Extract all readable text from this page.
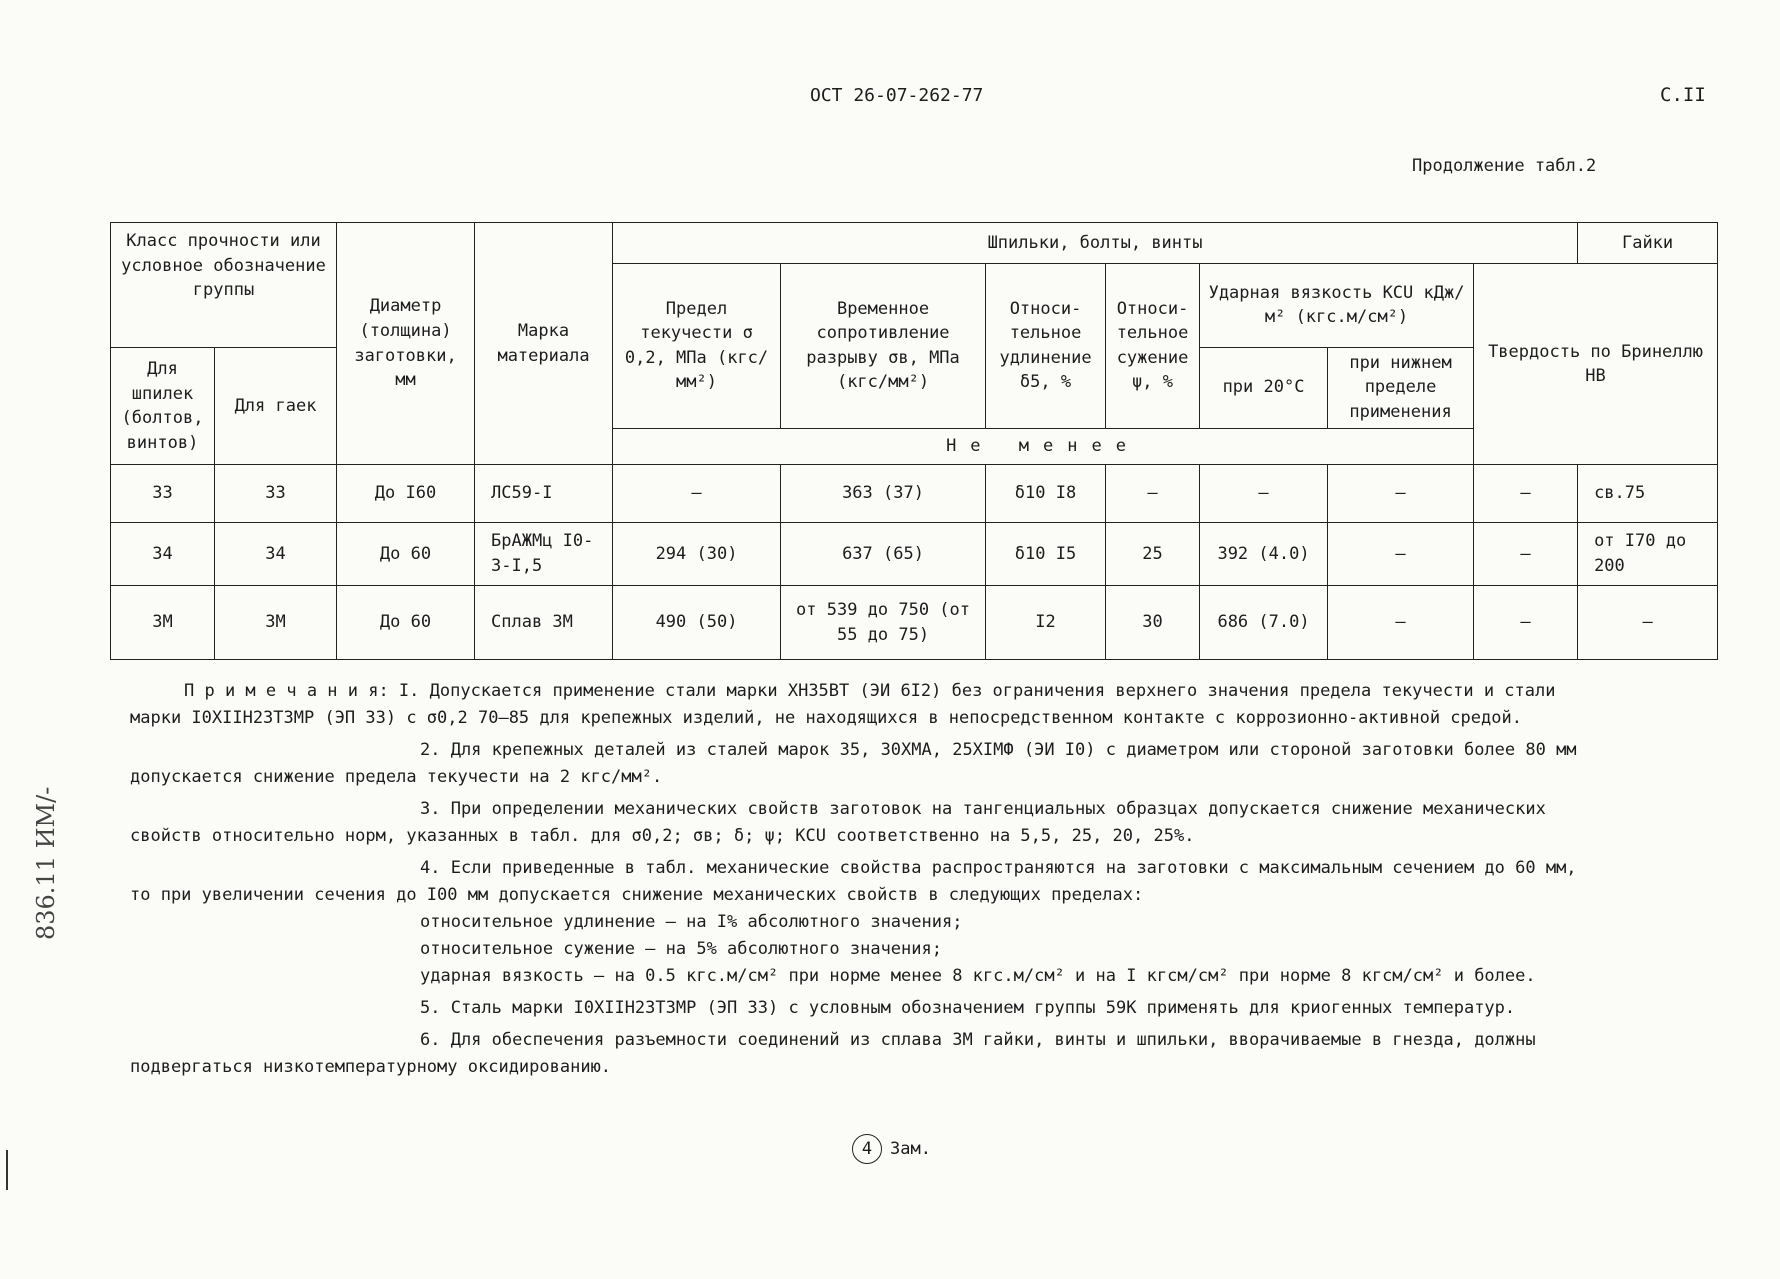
ОСТ 26-07-262-77	С.II
Продолжение табл.2
Класс прочности или условное обозначение группы		Диаметр (толщина) заготовки, мм	Марка материала	Шпильки, болты, винты							Гайки
				Предел текучести σ 0,2, МПа (кгс/мм²)	Временное сопротивление разрыву σв, МПа (кгс/мм²)	Относи-тельное удлинение δ5, %	Относи-тельное сужение ψ, %	Ударная вязкость KCU кДж/м² (кгс.м/см²)		Твердость по Бринеллю НВ	
Для шпилек (болтов, винтов)	Для гаек							при 20°C	при нижнем пределе применения		
				Не менее							
33	33	До I60	ЛС59-I	–	363 (37)	δ10 I8	–	–	–	–	св.75
34	34	До 60	БрАЖМц I0-3-I,5	294 (30)	637 (65)	δ10 I5	25	392 (4.0)	–	–	от I70 до 200
3М	3М	До 60	Сплав 3М	490 (50)	от 539 до 750 (от 55 до 75)	I2	30	686 (7.0)	–	–	–

П р и м е ч а н и я: I. Допускается применение стали марки ХН35ВТ (ЭИ 6I2) без ограничения верхнего значения предела текучести и стали

марки I0ХIIН23Т3МР (ЭП 33) с σ0,2 70–85 для крепежных изделий, не находящихся в непосредственном контакте с коррозионно-активной средой.

2. Для крепежных деталей из сталей марок 35, 30ХМА, 25ХIМФ (ЭИ I0) с диаметром или стороной заготовки более 80 мм

допускается снижение предела текучести на 2 кгс/мм².

3. При определении механических свойств заготовок на тангенциальных образцах допускается снижение механических

свойств относительно норм, указанных в табл. для σ0,2; σв; δ; ψ; KCU соответственно на 5,5, 25, 20, 25%.

4. Если приведенные в табл. механические свойства распространяются на заготовки с максимальным сечением до 60 мм,

то при увеличении сечения до I00 мм допускается снижение механических свойств в следующих пределах:

относительное удлинение – на I% абсолютного значения;

относительное сужение – на 5% абсолютного значения;

ударная вязкость – на 0.5 кгс.м/см² при норме менее 8 кгс.м/см² и на I кгсм/см² при норме 8 кгсм/см² и более.

5. Сталь марки I0ХIIН23Т3МР (ЭП 33) с условным обозначением группы 59К применять для криогенных температур.

6. Для обеспечения разъемности соединений из сплава 3М гайки, винты и шпильки, вворачиваемые в гнезда, должны

подвергаться низкотемпературному оксидированию.

4 Зам.
836.11 ИМ/-
